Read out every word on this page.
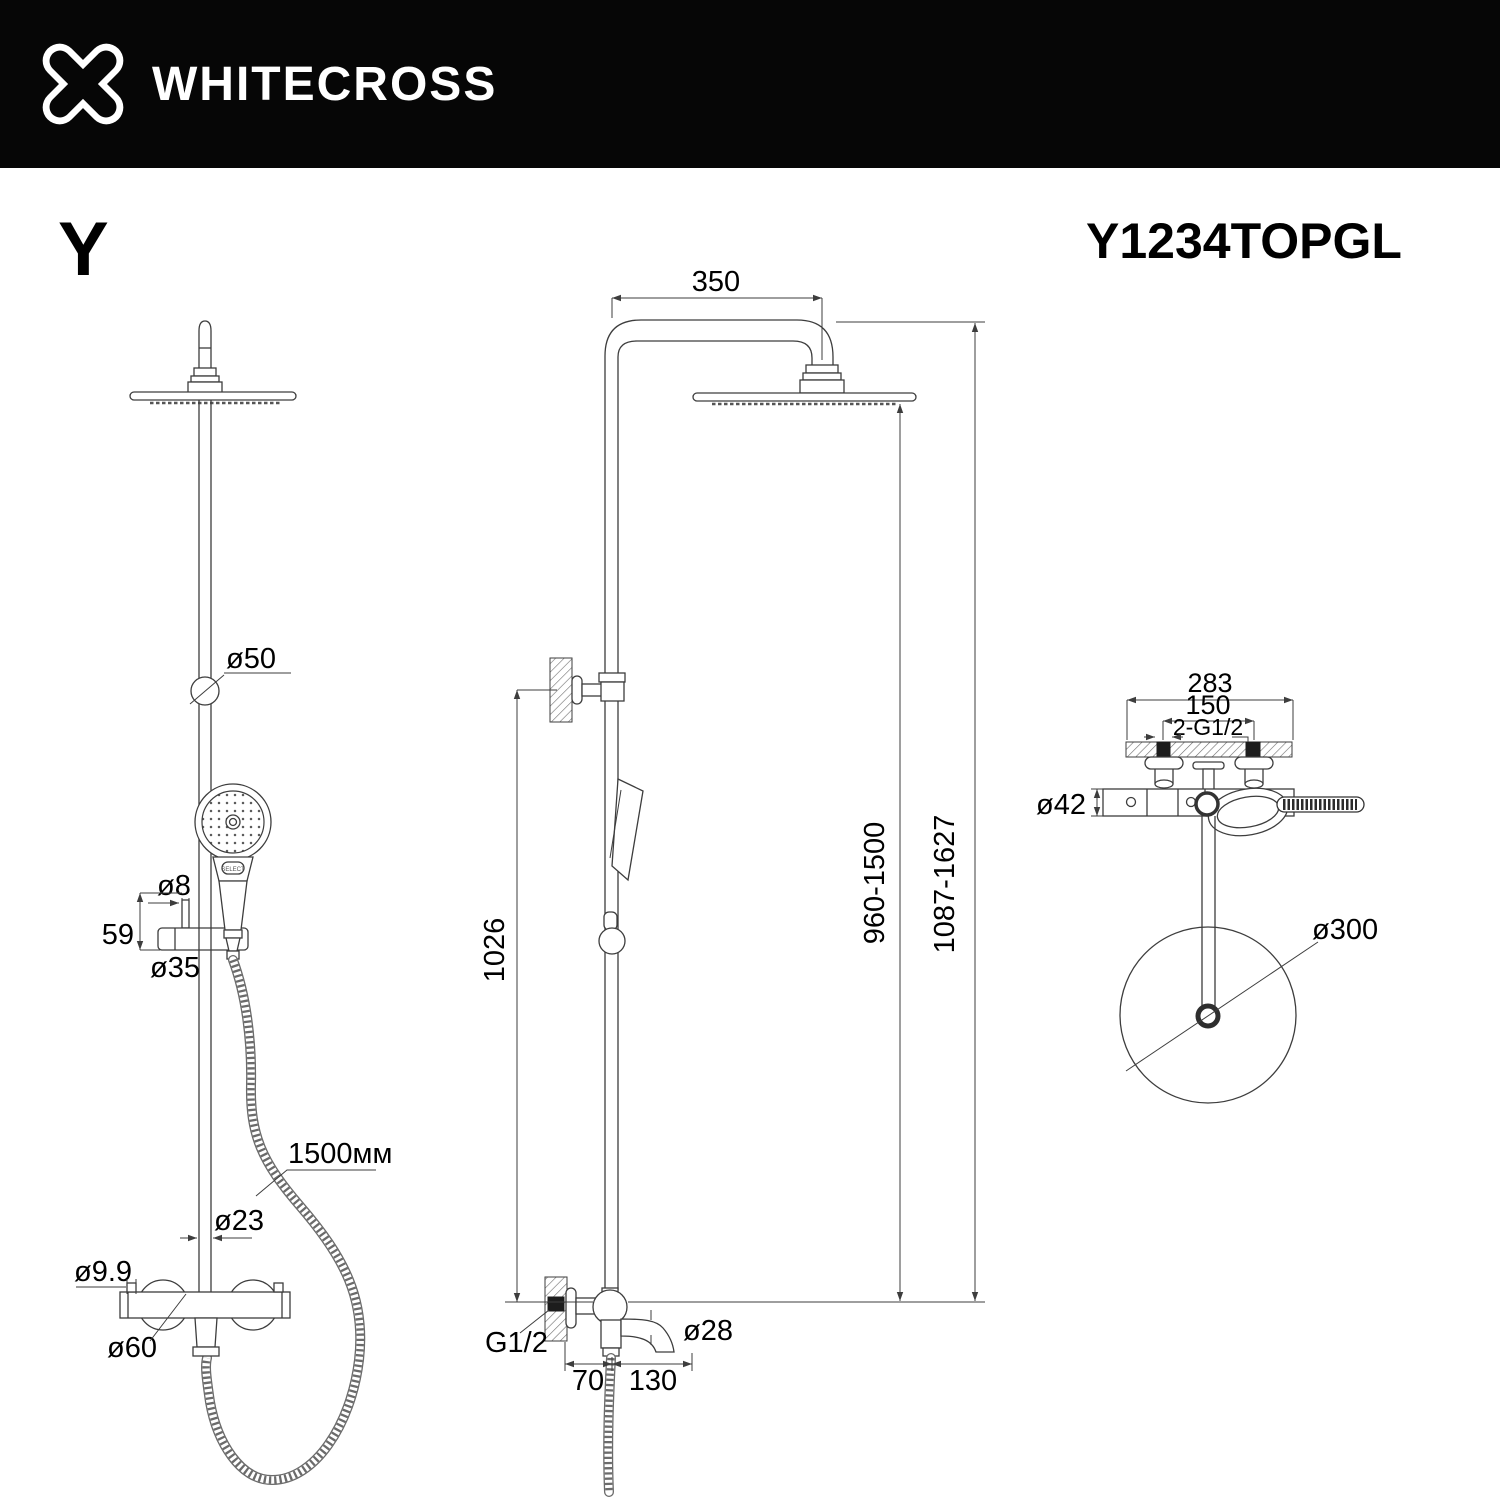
SELECT
ø50
ø8
59
ø35
1500мм
ø23
ø9.9
ø60
350
1026
960-1500 1087-1627
G1/2	ø28
70 130
283
150
2-G1/2
ø42
ø300
WHITECROSS
Y	Y1234TOPGL
